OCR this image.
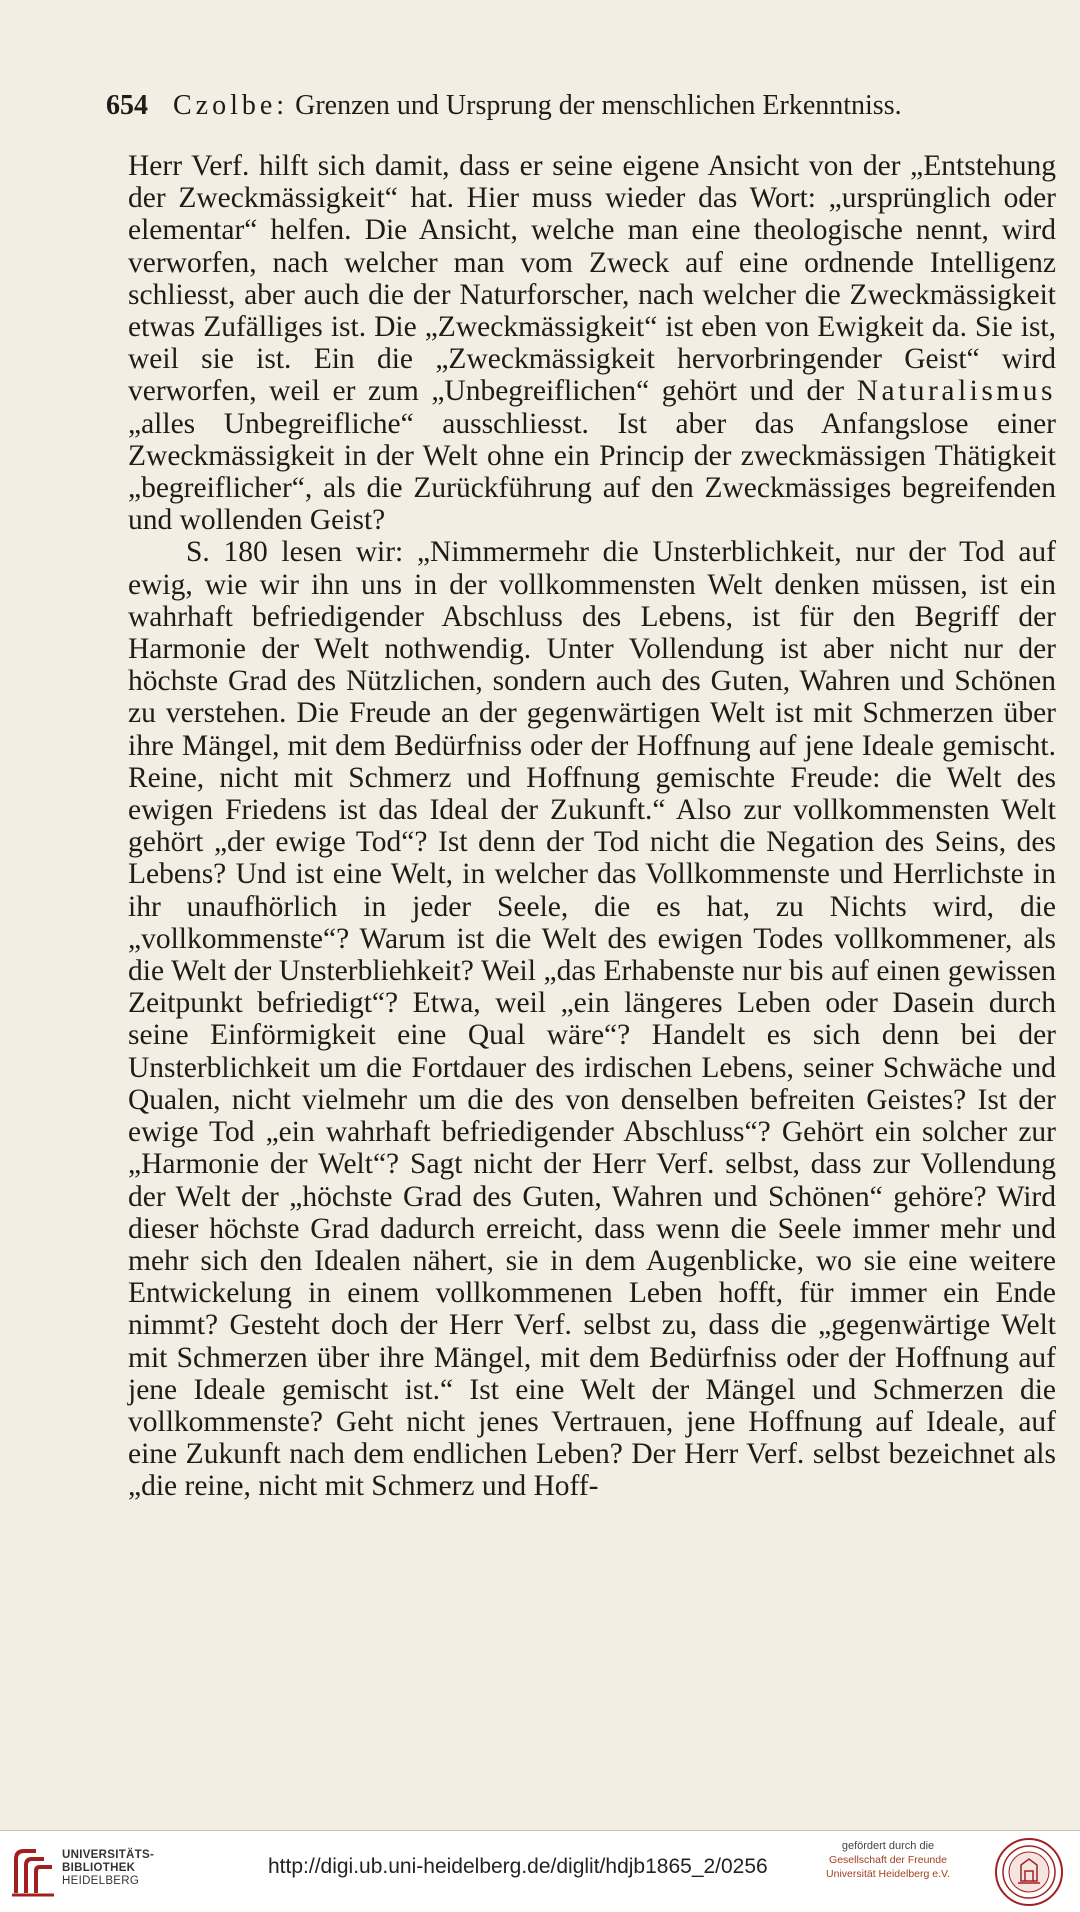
654 Czolbe: Grenzen und Ursprung der menschlichen Erkenntniss.

Herr Verf. hilft sich damit, dass er seine eigene Ansicht von der „Entstehung der Zweckmässigkeit“ hat. Hier muss wieder das Wort: „ursprünglich oder elementar“ helfen. Die Ansicht, welche man eine theologische nennt, wird verworfen, nach welcher man vom Zweck auf eine ordnende Intelligenz schliesst, aber auch die der Naturforscher, nach welcher die Zweckmässigkeit etwas Zufälliges ist. Die „Zweckmässigkeit“ ist eben von Ewigkeit da. Sie ist, weil sie ist. Ein die „Zweckmässigkeit hervorbringender Geist“ wird verworfen, weil er zum „Unbegreiflichen“ gehört und der Naturalismus „alles Unbegreifliche“ ausschliesst. Ist aber das Anfangslose einer Zweckmässigkeit in der Welt ohne ein Princip der zweckmässigen Thätigkeit „begreiflicher“, als die Zurückführung auf den Zweckmässiges begreifenden und wollenden Geist?

S. 180 lesen wir: „Nimmermehr die Unsterblichkeit, nur der Tod auf ewig, wie wir ihn uns in der vollkommensten Welt denken müssen, ist ein wahrhaft befriedigender Abschluss des Lebens, ist für den Begriff der Harmonie der Welt nothwendig. Unter Vollendung ist aber nicht nur der höchste Grad des Nützlichen, sondern auch des Guten, Wahren und Schönen zu verstehen. Die Freude an der gegenwärtigen Welt ist mit Schmerzen über ihre Mängel, mit dem Bedürfniss oder der Hoffnung auf jene Ideale gemischt. Reine, nicht mit Schmerz und Hoffnung gemischte Freude: die Welt des ewigen Friedens ist das Ideal der Zukunft.“ Also zur vollkommensten Welt gehört „der ewige Tod“? Ist denn der Tod nicht die Negation des Seins, des Lebens? Und ist eine Welt, in welcher das Vollkommenste und Herrlichste in ihr unaufhörlich in jeder Seele, die es hat, zu Nichts wird, die „vollkommenste“? Warum ist die Welt des ewigen Todes vollkommener, als die Welt der Unsterbliehkeit? Weil „das Erhabenste nur bis auf einen gewissen Zeitpunkt befriedigt“? Etwa, weil „ein längeres Leben oder Dasein durch seine Einförmigkeit eine Qual wäre“? Handelt es sich denn bei der Unsterblichkeit um die Fortdauer des irdischen Lebens, seiner Schwäche und Qualen, nicht vielmehr um die des von denselben befreiten Geistes? Ist der ewige Tod „ein wahrhaft befriedigender Abschluss“? Gehört ein solcher zur „Harmonie der Welt“? Sagt nicht der Herr Verf. selbst, dass zur Vollendung der Welt der „höchste Grad des Guten, Wahren und Schönen“ gehöre? Wird dieser höchste Grad dadurch erreicht, dass wenn die Seele immer mehr und mehr sich den Idealen nähert, sie in dem Augenblicke, wo sie eine weitere Entwickelung in einem vollkommenen Leben hofft, für immer ein Ende nimmt? Gesteht doch der Herr Verf. selbst zu, dass die „gegenwärtige Welt mit Schmerzen über ihre Mängel, mit dem Bedürfniss oder der Hoffnung auf jene Ideale gemischt ist.“ Ist eine Welt der Mängel und Schmerzen die vollkommenste? Geht nicht jenes Vertrauen, jene Hoffnung auf Ideale, auf eine Zukunft nach dem endlichen Leben? Der Herr Verf. selbst bezeichnet als „die reine, nicht mit Schmerz und Hoff-

UNIVERSITÄTS-
BIBLIOTHEK
HEIDELBERG
http://digi.ub.uni-heidelberg.de/diglit/hdjb1865_2/0256
gefördert durch die
Gesellschaft der Freunde
Universität Heidelberg e.V.
